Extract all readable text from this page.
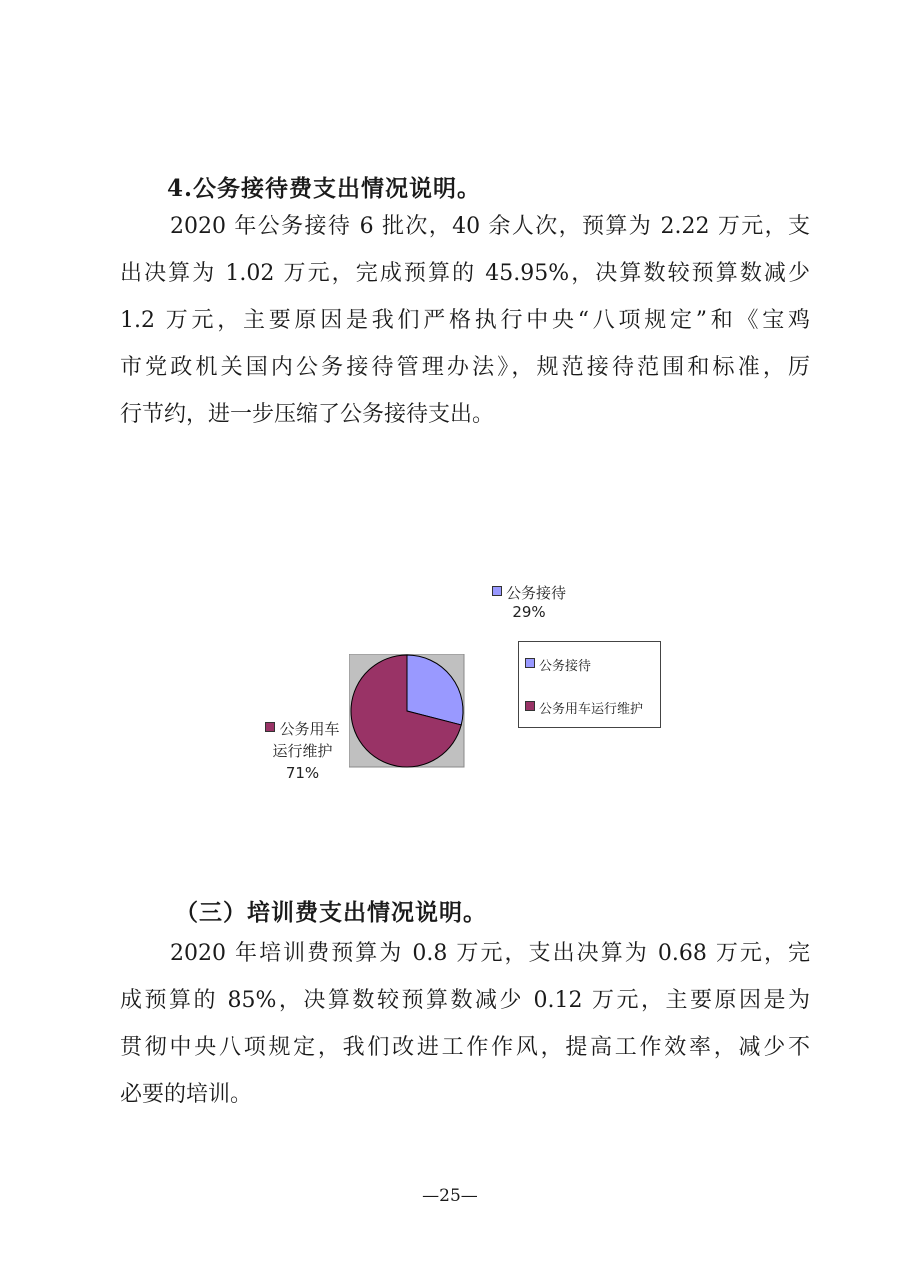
4.公务接待费支出情况说明。
2020 年公务接待 6 批次，40 余人次，预算为 2.22 万元，支
出决算为 1.02 万元，完成预算的 45.95%，决算数较预算数减少
1.2 万元，主要原因是我们严格执行中央“八项规定”和《宝鸡
市党政机关国内公务接待管理办法》，规范接待范围和标准，厉
行节约，进一步压缩了公务接待支出。
公务接待
29%
公务用车
运行维护
71%
公务接待
公务用车运行维护
（三）培训费支出情况说明。
2020 年培训费预算为 0.8 万元，支出决算为 0.68 万元，完
成预算的 85%，决算数较预算数减少 0.12 万元，主要原因是为
贯彻中央八项规定，我们改进工作作风，提高工作效率，减少不
必要的培训。
—25—
